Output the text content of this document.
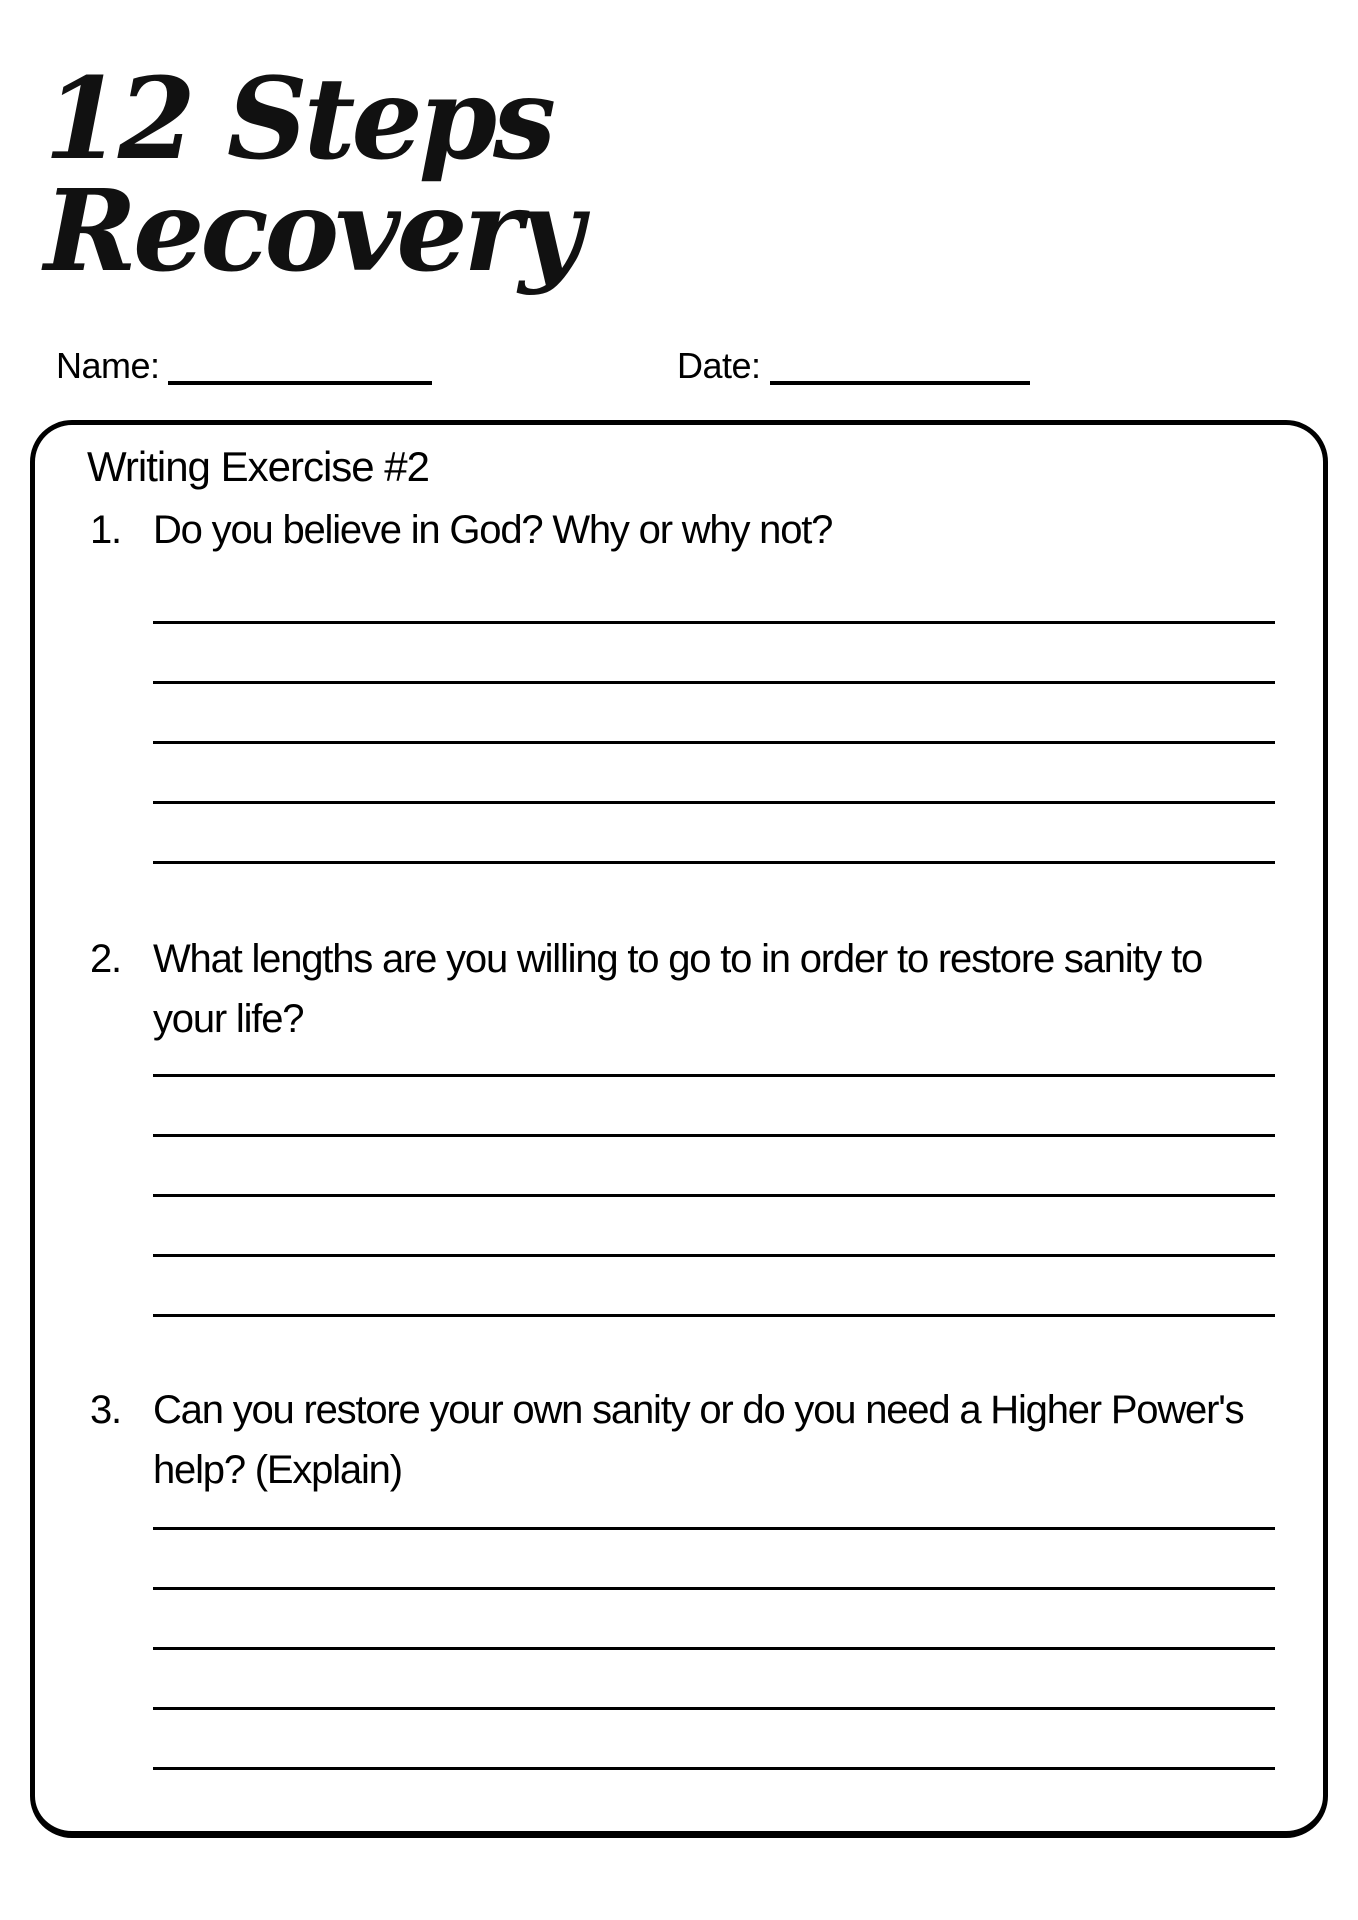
12 Steps
Recovery
Name:	Date:
Writing Exercise #2
1. Do you believe in God? Why or why not?
2. What lengths are you willing to go to in order to restore sanity to
your life?
3. Can you restore your own sanity or do you need a Higher Power's
help? (Explain)
